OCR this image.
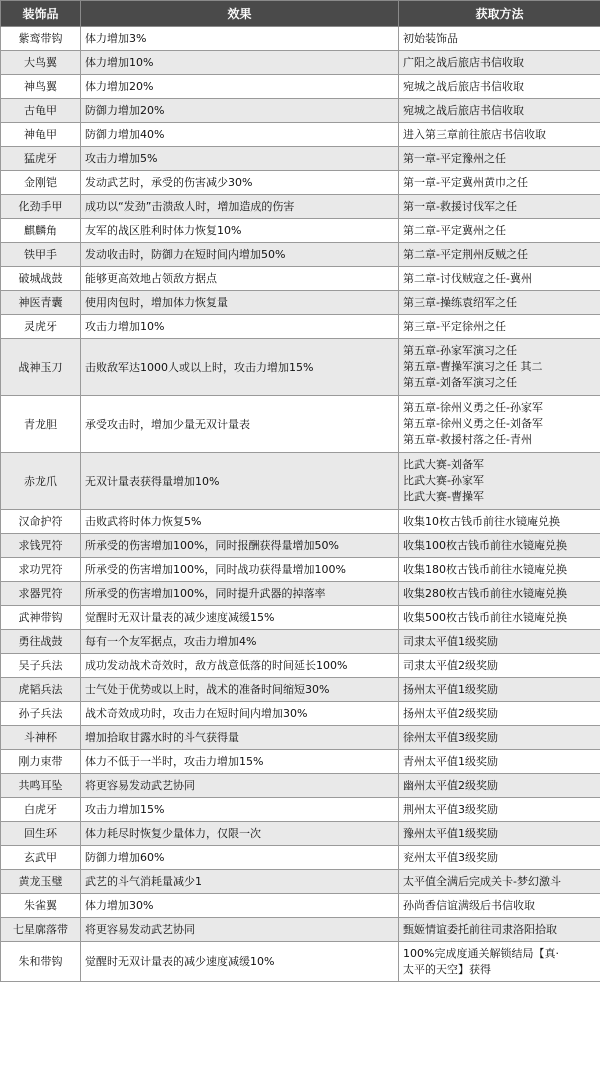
装饰品	效果	获取方法
紫鸾带钩	体力增加3%	初始装饰品

大鸟翼	体力增加10%	广阳之战后旅店书信收取

神鸟翼	体力增加20%	宛城之战后旅店书信收取

古龟甲	防御力增加20%	宛城之战后旅店书信收取

神龟甲	防御力增加40%	进入第三章前往旅店书信收取

猛虎牙	攻击力增加5%	第一章-平定豫州之任

金刚铠	发动武艺时，承受的伤害减少30%	第一章-平定冀州黄巾之任

化劲手甲	成功以“发劲”击溃敌人时，增加造成的伤害	第一章-救援讨伐军之任

麒麟角	友军的战区胜利时体力恢复10%	第二章-平定冀州之任

铁甲手	发动收击时，防御力在短时间内增加50%	第二章-平定荆州反贼之任

破城战鼓	能够更高效地占领敌方据点	第二章-讨伐贼寇之任-冀州

神医青囊	使用肉包时，增加体力恢复量	第三章-操练袁绍军之任

灵虎牙	攻击力增加10%	第三章-平定徐州之任

战神玉刀	击败敌军达1000人或以上时，攻击力增加15%	第五章-孙家军演习之任
第五章-曹操军演习之任 其二
第五章-刘备军演习之任

青龙胆	承受攻击时，增加少量无双计量表	第五章-徐州义勇之任-孙家军
第五章-徐州义勇之任-刘备军
第五章-救援村落之任-青州

赤龙爪	无双计量表获得量增加10%	比武大赛-刘备军
比武大赛-孙家军
比武大赛-曹操军

汉命护符	击败武将时体力恢复5%	收集10枚古钱币前往水镜庵兑换

求钱咒符	所承受的伤害增加100%，同时报酬获得量增加50%	收集100枚古钱币前往水镜庵兑换

求功咒符	所承受的伤害增加100%，同时战功获得量增加100%	收集180枚古钱币前往水镜庵兑换

求器咒符	所承受的伤害增加100%，同时提升武器的掉落率	收集280枚古钱币前往水镜庵兑换

武神带钩	觉醒时无双计量表的减少速度减缓15%	收集500枚古钱币前往水镜庵兑换

勇往战鼓	每有一个友军据点，攻击力增加4%	司隶太平值1级奖励

吴子兵法	成功发动战术奇效时，敌方战意低落的时间延长100%	司隶太平值2级奖励

虎韬兵法	士气处于优势或以上时，战术的准备时间缩短30%	扬州太平值1级奖励

孙子兵法	战术奇效成功时，攻击力在短时间内增加30%	扬州太平值2级奖励

斗神杯	增加拾取甘露水时的斗气获得量	徐州太平值3级奖励

刚力束带	体力不低于一半时，攻击力增加15%	青州太平值1级奖励

共鸣耳坠	将更容易发动武艺协同	幽州太平值2级奖励

白虎牙	攻击力增加15%	荆州太平值3级奖励

回生环	体力耗尽时恢复少量体力，仅限一次	豫州太平值1级奖励

玄武甲	防御力增加60%	兖州太平值3级奖励

黄龙玉璧	武艺的斗气消耗量减少1	太平值全满后完成关卡-梦幻激斗

朱雀翼	体力增加30%	孙尚香信谊满级后书信收取

七星廓落带	将更容易发动武艺协同	甄姬情谊委托前往司隶洛阳拾取

朱和带钩	觉醒时无双计量表的减少速度减缓10%	100%完成度通关解锁结局【真·
太平的天空】获得
